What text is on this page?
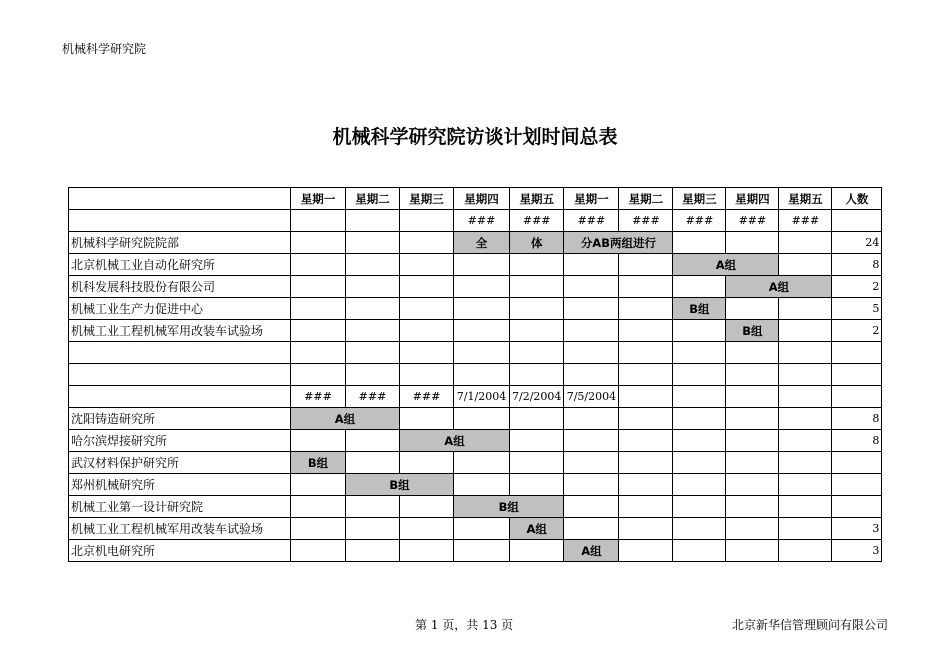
机械科学研究院
机械科学研究院访谈计划时间总表
	星期一	星期二	星期三	星期四	星期五	星期一	星期二	星期三	星期四	星期五	人数
				###	###	###	###	###	###	###	
机械科学研究院院部				全	体	分AB两组进行					24
北京机械工业自动化研究所								A组			8
机科发展科技股份有限公司									A组		2
机械工业生产力促进中心								B组			5
机械工业工程机械军用改装车试验场									B组		2

	###	###	###	7/1/2004	7/2/2004	7/5/2004					
沈阳铸造研究所	A组										8
哈尔滨焊接研究所			A组								8
武汉材料保护研究所	B组										
郑州机械研究所		B组									
机械工业第一设计研究院				B组							
机械工业工程机械军用改装车试验场					A组						3
北京机电研究所						A组					3
第 1 页，共 13 页	北京新华信管理顾问有限公司
